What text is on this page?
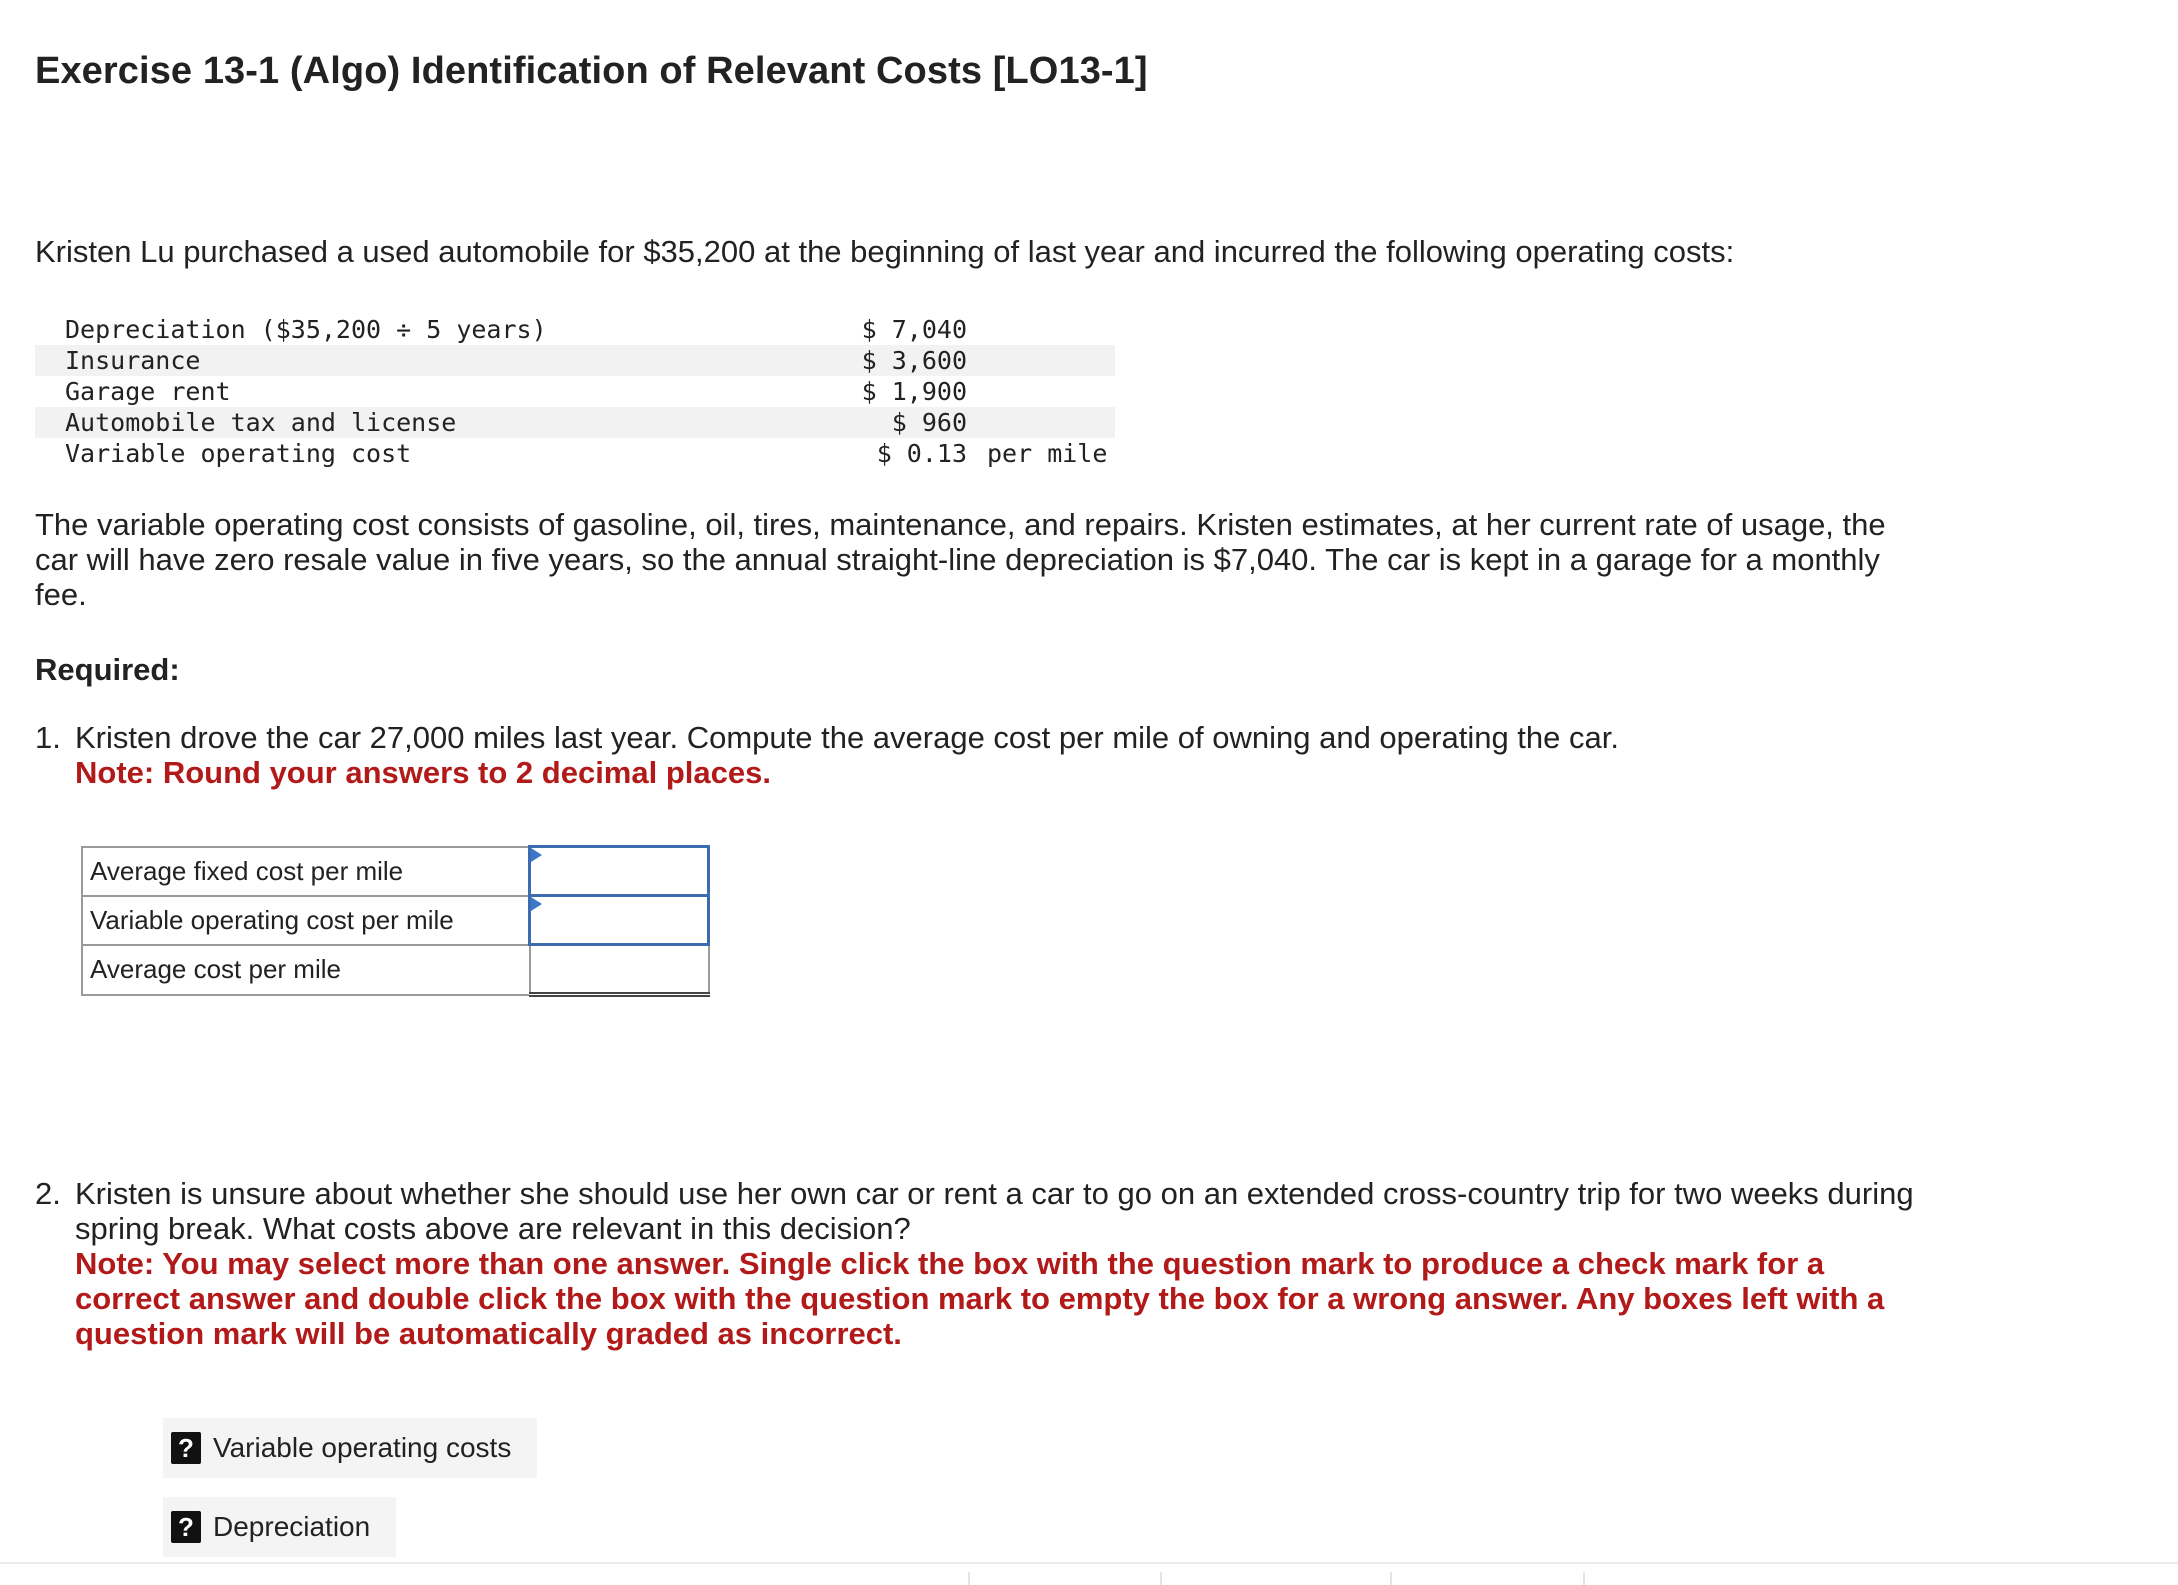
Exercise 13-1 (Algo) Identification of Relevant Costs [LO13-1]

Kristen Lu purchased a used automobile for $35,200 at the beginning of last year and incurred the following operating costs:

Depreciation ($35,200 ÷ 5 years)	$ 7,040	
Insurance	$ 3,600	
Garage rent	$ 1,900	
Automobile tax and license	$ 960	
Variable operating cost	$ 0.13	per mile

The variable operating cost consists of gasoline, oil, tires, maintenance, and repairs. Kristen estimates, at her current rate of usage, the car will have zero resale value in five years, so the annual straight-line depreciation is $7,040. The car is kept in a garage for a monthly fee.

Required:

1. Kristen drove the car 27,000 miles last year. Compute the average cost per mile of owning and operating the car.
Note: Round your answers to 2 decimal places.
Average fixed cost per mile	

Variable operating cost per mile	

Average cost per mile	
2. Kristen is unsure about whether she should use her own car or rent a car to go on an extended cross-country trip for two weeks during spring break. What costs above are relevant in this decision?
Note: You may select more than one answer. Single click the box with the question mark to produce a check mark for a correct answer and double click the box with the question mark to empty the box for a wrong answer. Any boxes left with a question mark will be automatically graded as incorrect.
? Variable operating costs
? Depreciation
